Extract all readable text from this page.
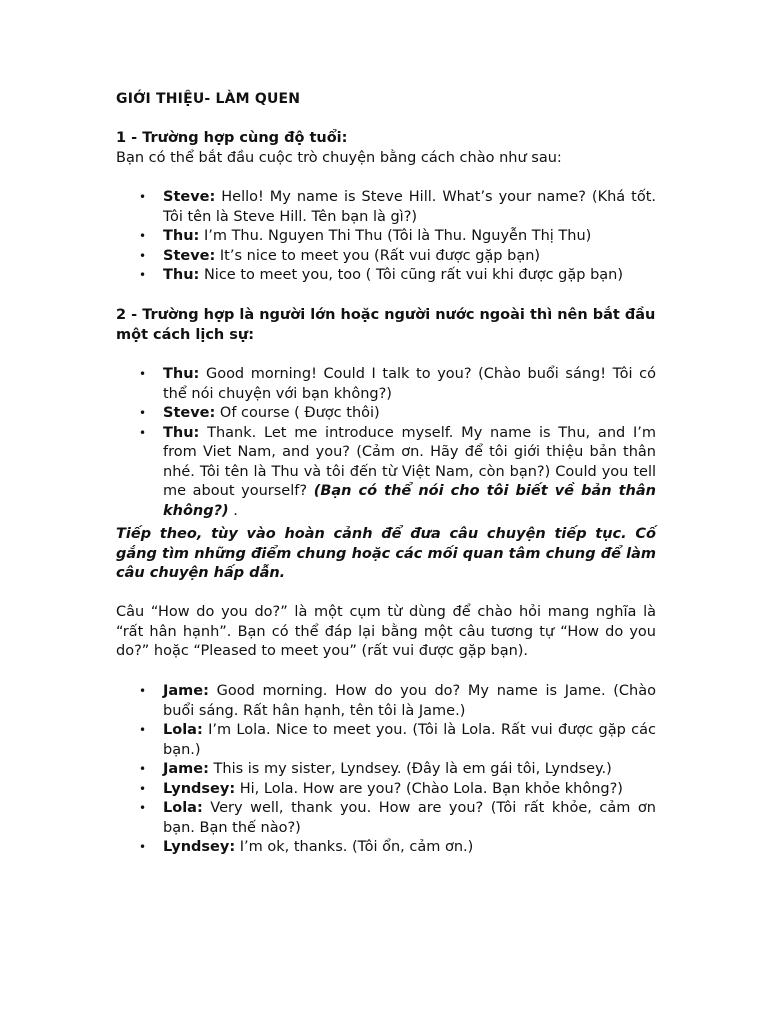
GIỚI THIỆU- LÀM QUEN
1 - Trường hợp cùng độ tuổi:
Bạn có thể bắt đầu cuộc trò chuyện bằng cách chào như sau:
• Steve: Hello! My name is Steve Hill. What’s your name? (Khá tốt. Tôi tên là Steve Hill. Tên bạn là gì?)
• Thu: I’m Thu. Nguyen Thi Thu (Tôi là Thu. Nguyễn Thị Thu)
• Steve: It’s nice to meet you (Rất vui được gặp bạn)
• Thu: Nice to meet you, too ( Tôi cũng rất vui khi được gặp bạn)
2 - Trường hợp là người lớn hoặc người nước ngoài thì nên bắt đầu một cách lịch sự:
• Thu: Good morning! Could I talk to you? (Chào buổi sáng! Tôi có thể nói chuyện với bạn không?)
• Steve: Of course ( Được thôi)
• Thu: Thank. Let me introduce myself. My name is Thu, and I’m from Viet Nam, and you? (Cảm ơn. Hãy để tôi giới thiệu bản thân nhé. Tôi tên là Thu và tôi đến từ Việt Nam, còn bạn?) Could you tell me about yourself? (Bạn có thể nói cho tôi biết về bản thân không?) .
Tiếp theo, tùy vào hoàn cảnh để đưa câu chuyện tiếp tục. Cố gắng tìm những điểm chung hoặc các mối quan tâm chung để làm câu chuyện hấp dẫn.
Câu “How do you do?” là một cụm từ dùng để chào hỏi mang nghĩa là “rất hân hạnh”. Bạn có thể đáp lại bằng một câu tương tự “How do you do?” hoặc “Pleased to meet you” (rất vui được gặp bạn).
• Jame: Good morning. How do you do? My name is Jame. (Chào buổi sáng. Rất hân hạnh, tên tôi là Jame.)
• Lola: I’m Lola. Nice to meet you. (Tôi là Lola. Rất vui được gặp các bạn.)
• Jame: This is my sister, Lyndsey. (Đây là em gái tôi, Lyndsey.)
• Lyndsey: Hi, Lola. How are you? (Chào Lola. Bạn khỏe không?)
• Lola: Very well, thank you. How are you? (Tôi rất khỏe, cảm ơn bạn. Bạn thế nào?)
• Lyndsey: I’m ok, thanks. (Tôi ổn, cảm ơn.)
